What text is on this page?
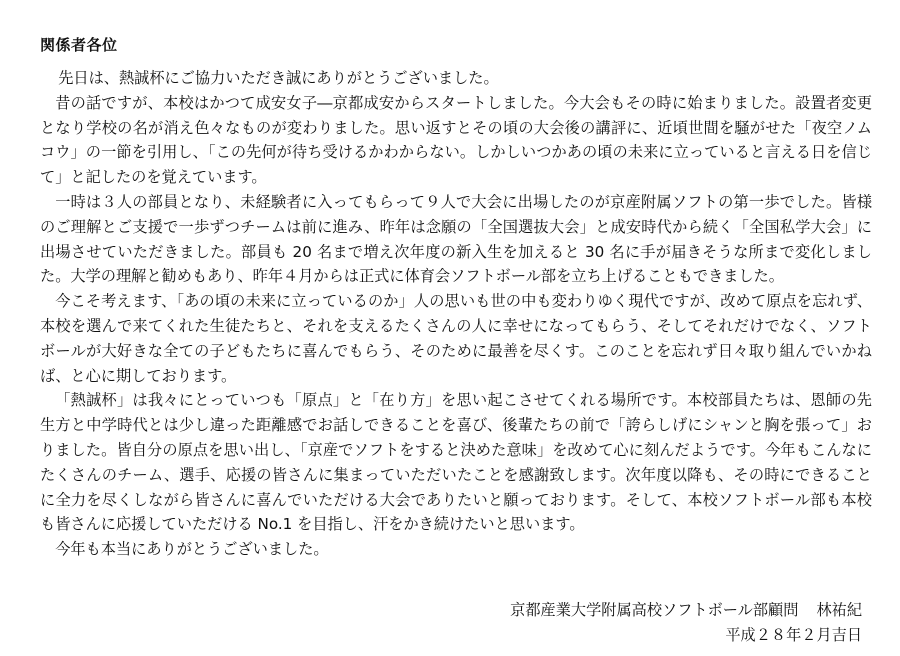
関係者各位

先日は、熱誠杯にご協力いただき誠にありがとうございました。

昔の話ですが、本校はかつて成安女子―京都成安からスタートしました。今大会もその時に始まりました。設置者変更となり学校の名が消え色々なものが変わりました。思い返すとその頃の大会後の講評に、近頃世間を騒がせた「夜空ノムコウ」の一節を引用し、「この先何が待ち受けるかわからない。しかしいつかあの頃の未来に立っていると言える日を信じて」と記したのを覚えています。

一時は３人の部員となり、未経験者に入ってもらって９人で大会に出場したのが京産附属ソフトの第一歩でした。皆様のご理解とご支援で一歩ずつチームは前に進み、昨年は念願の「全国選抜大会」と成安時代から続く「全国私学大会」に出場させていただきました。部員も 20 名まで増え次年度の新入生を加えると 30 名に手が届きそうな所まで変化しました。大学の理解と勧めもあり、昨年４月からは正式に体育会ソフトボール部を立ち上げることもできました。

今こそ考えます、「あの頃の未来に立っているのか」人の思いも世の中も変わりゆく現代ですが、改めて原点を忘れず、本校を選んで来てくれた生徒たちと、それを支えるたくさんの人に幸せになってもらう、そしてそれだけでなく、ソフトボールが大好きな全ての子どもたちに喜んでもらう、そのために最善を尽くす。このことを忘れず日々取り組んでいかねば、と心に期しております。

「熱誠杯」は我々にとっていつも「原点」と「在り方」を思い起こさせてくれる場所です。本校部員たちは、恩師の先生方と中学時代とは少し違った距離感でお話しできることを喜び、後輩たちの前で「誇らしげにシャンと胸を張って」おりました。皆自分の原点を思い出し、「京産でソフトをすると決めた意味」を改めて心に刻んだようです。今年もこんなにたくさんのチーム、選手、応援の皆さんに集まっていただいたことを感謝致します。次年度以降も、その時にできることに全力を尽くしながら皆さんに喜んでいただける大会でありたいと願っております。そして、本校ソフトボール部も本校も皆さんに応援していただける No.1 を目指し、汗をかき続けたいと思います。

今年も本当にありがとうございました。

京都産業大学附属高校ソフトボール部顧問 林祐紀
平成２８年２月吉日
